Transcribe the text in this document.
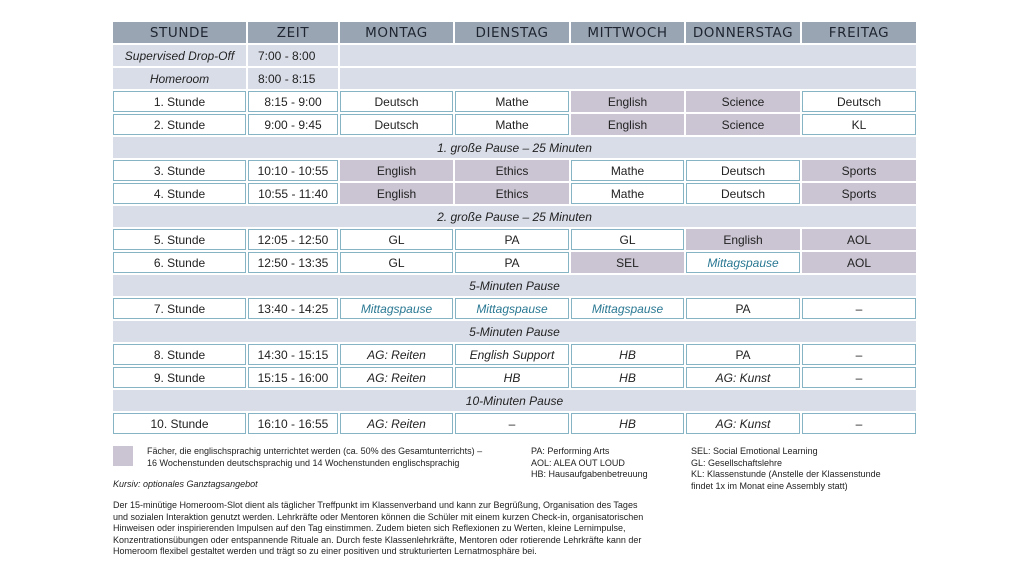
STUNDE	ZEIT	MONTAG	DIENSTAG	MITTWOCH	DONNERSTAG	FREITAG
Supervised Drop-Off	7:00 - 8:00
Homeroom	8:00 - 8:15
1. Stunde	8:15 - 9:00	Deutsch	Mathe	English	Science	Deutsch
2. Stunde	9:00 - 9:45	Deutsch	Mathe	English	Science	KL
1. große Pause – 25 Minuten
3. Stunde	10:10 - 10:55	English	Ethics	Mathe	Deutsch	Sports
4. Stunde	10:55 - 11:40	English	Ethics	Mathe	Deutsch	Sports
2. große Pause – 25 Minuten
5. Stunde	12:05 - 12:50	GL	PA	GL	English	AOL
6. Stunde	12:50 - 13:35	GL	PA	SEL	Mittagspause	AOL
5-Minuten Pause
7. Stunde	13:40 - 14:25	Mittagspause	Mittagspause	Mittagspause	PA	–
5-Minuten Pause
8. Stunde	14:30 - 15:15	AG: Reiten	English Support	HB	PA	–
9. Stunde	15:15 - 16:00	AG: Reiten	HB	HB	AG: Kunst	–
10-Minuten Pause
10. Stunde	16:10 - 16:55	AG: Reiten	–	HB	AG: Kunst	–
Fächer, die englischsprachig unterrichtet werden (ca. 50% des Gesamtunterrichts) –
16 Wochenstunden deutschsprachig und 14 Wochenstunden englischsprachig
PA: Performing Arts
AOL: ALEA OUT LOUD
HB: Hausaufgabenbetreuung
SEL: Social Emotional Learning
GL: Gesellschaftslehre
KL: Klassenstunde (Anstelle der Klassenstunde
findet 1x im Monat eine Assembly statt)
Kursiv: optionales Ganztagsangebot
Der 15-minütige Homeroom-Slot dient als täglicher Treffpunkt im Klassenverband und kann zur Begrüßung, Organisation des Tages
und sozialen Interaktion genutzt werden. Lehrkräfte oder Mentoren können die Schüler mit einem kurzen Check-in, organisatorischen
Hinweisen oder inspirierenden Impulsen auf den Tag einstimmen. Zudem bieten sich Reflexionen zu Werten, kleine Lernimpulse,
Konzentrationsübungen oder entspannende Rituale an. Durch feste Klassenlehrkräfte, Mentoren oder rotierende Lehrkräfte kann der
Homeroom flexibel gestaltet werden und trägt so zu einer positiven und strukturierten Lernatmosphäre bei.
